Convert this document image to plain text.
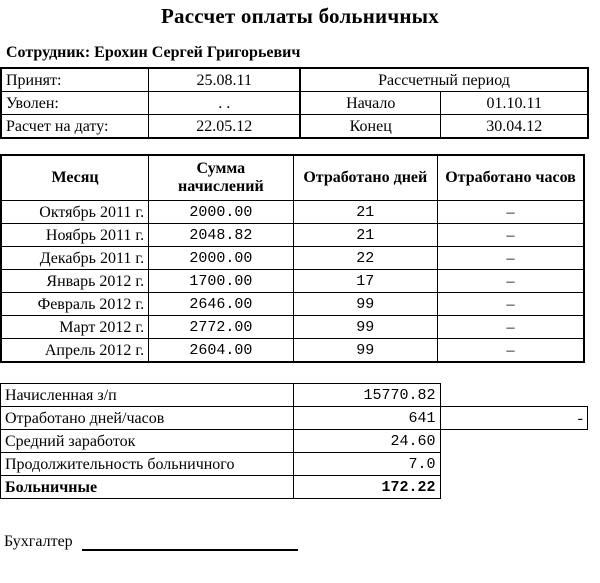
Рассчет оплаты больничных
Сотрудник: Ерохин Сергей Григорьевич
Принят:	25.08.11
Уволен:	. .
Расчет на дату:	22.05.12
Рассчетный период	
Начало	01.10.11
Конец	30.04.12
Месяц	Сумма начислений	Отработано дней	Отработано часов
Октябрь 2011 г.	2000.00	21	–
Ноябрь 2011 г.	2048.82	21	–
Декабрь 2011 г.	2000.00	22	–
Январь 2012 г.	1700.00	17	–
Февраль 2012 г.	2646.00	99	–
Март 2012 г.	2772.00	99	–
Апрель 2012 г.	2604.00	99	–
Начисленная з/п	15770.82	
Отработано дней/часов	641	-
Средний заработок	24.60	
Продолжительность больничного	7.0	
Больничные	172.22	
Бухгалтер
